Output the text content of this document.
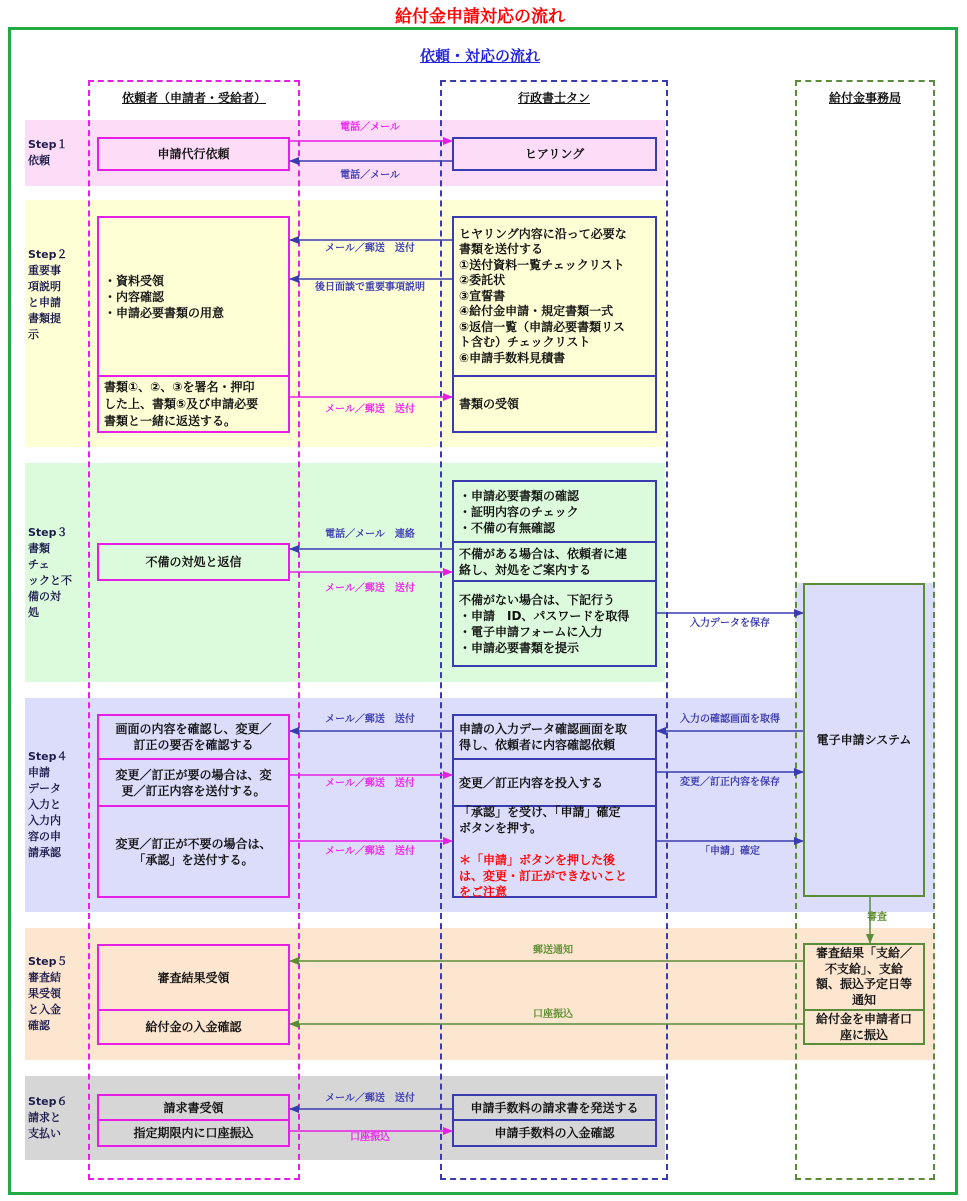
給付金申請対応の流れ
依頼・対応の流れ
依頼者（申請者・受給者）	行政書士タン	給付金事務局
Step１
依頼
Step２
重要事
項説明
と申請
書類提
示
Step３
書類
チェ
ックと不
備の対
処
Step４
申請
データ
入力と
入力内
容の申
請承認
Step５
審査結
果受領
と入金
確認
Step６
請求と
支払い
申請代行依頼	ヒアリング
・資料受領
・内容確認
・申請必要書類の用意
書類①、②、③を署名・押印
した上、書類⑤及び申請必要
書類と一緒に返送する。
ヒヤリング内容に沿って必要な
書類を送付する
①送付資料一覧チェックリスト
②委託状
③宣誓書
④給付金申請・規定書類一式
⑤返信一覧（申請必要書類リス
ト含む）チェックリスト
⑥申請手数料見積書
書類の受領
不備の対処と返信
・申請必要書類の確認
・証明内容のチェック
・不備の有無確認
不備がある場合は、依頼者に連
絡し、対処をご案内する
不備がない場合は、下記行う
・申請　ID、パスワードを取得
・電子申請フォームに入力
・申請必要書類を提示
電子申請システム
画面の内容を確認し、変更／
訂正の要否を確認する
変更／訂正が要の場合は、変
更／訂正内容を送付する。
変更／訂正が不要の場合は、
「承認」を送付する。
申請の入力データ確認画面を取
得し、依頼者に内容確認依頼
変更／訂正内容を投入する

「承認」を受け、「申請」確定
ボタンを押す。

＊「申請」ボタンを押した後
は、変更・訂正ができないこと
をご注意

審査結果受領
給付金の入金確認
審査結果「支給／
不支給」、支給
額、振込予定日等
通知
給付金を申請者口
座に振込
請求書受領
指定期限内に口座振込
申請手数料の請求書を発送する
申請手数料の入金確認
電話／メール
電話／メール
メール／郵送　送付
後日面談で重要事項説明
メール／郵送　送付
電話／メール　連絡
メール／郵送　送付
入力データを保存
メール／郵送　送付	入力の確認画面を取得
メール／郵送　送付	変更／訂正内容を保存
メール／郵送　送付	「申請」確定
審査
郵送通知
口座振込
メール／郵送　送付
口座振込
